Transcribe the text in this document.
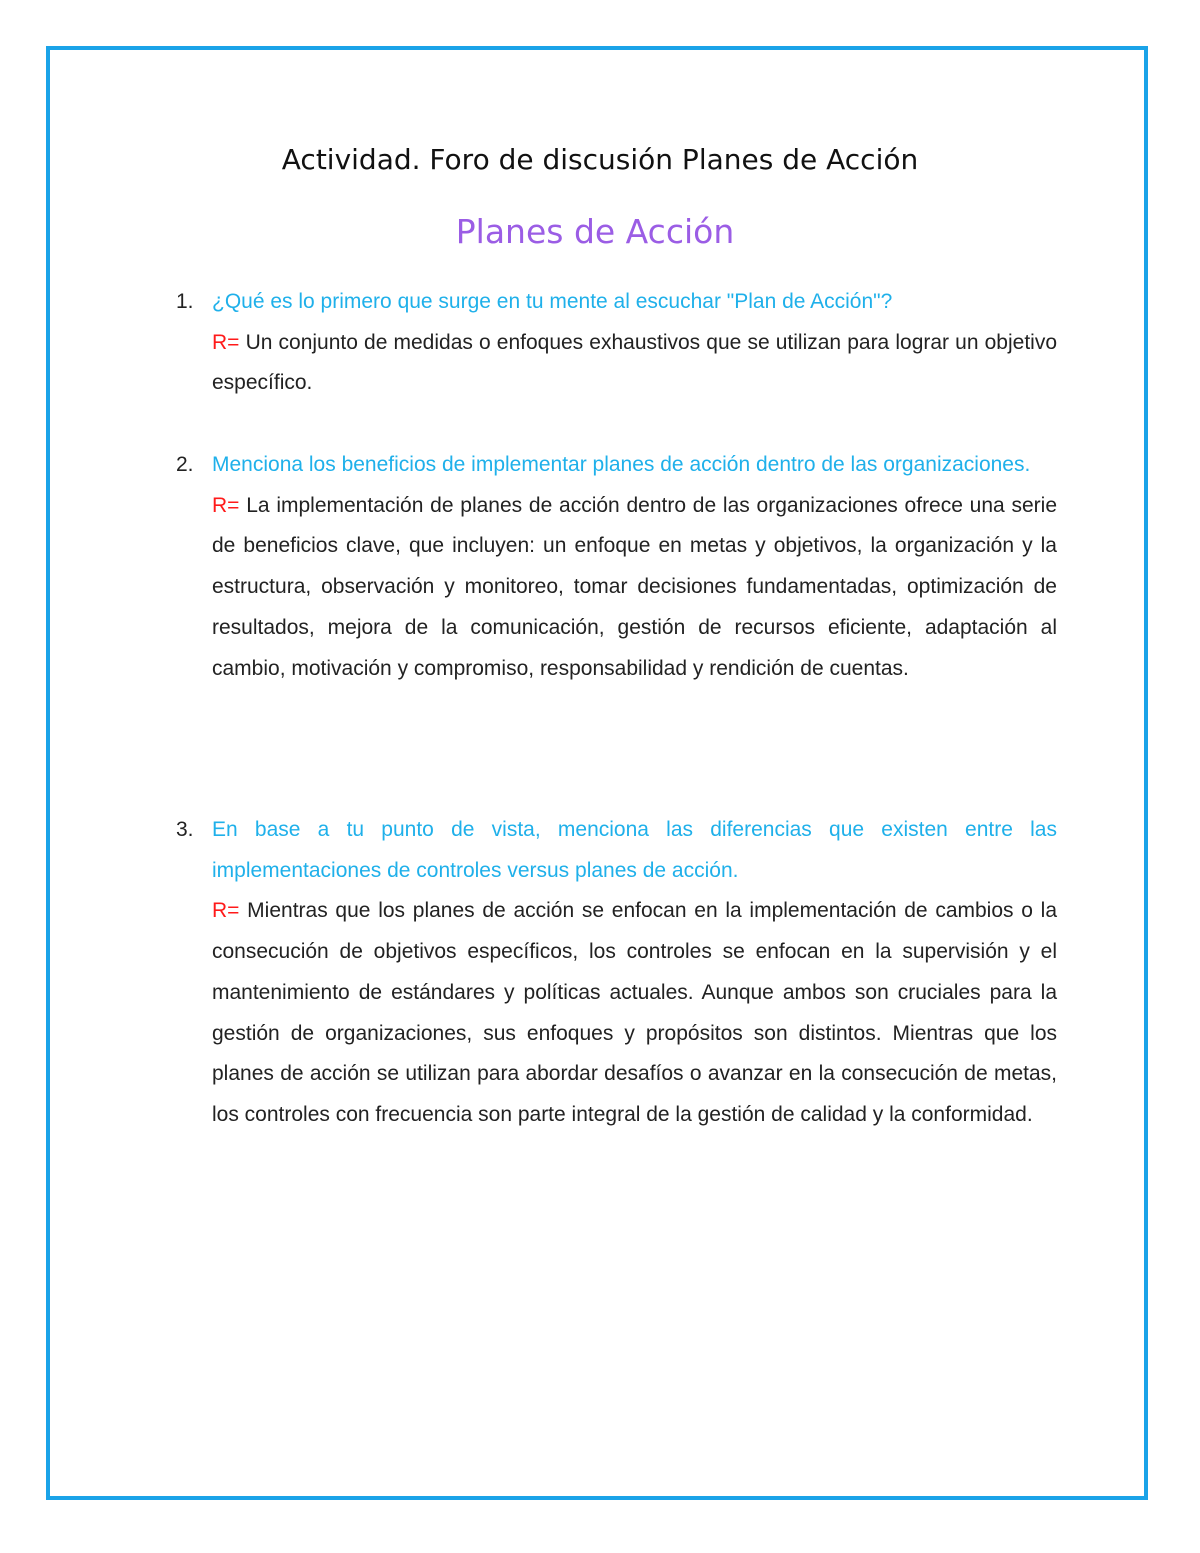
Actividad. Foro de discusión Planes de Acción
Planes de Acción
1. ¿Qué es lo primero que surge en tu mente al escuchar "Plan de Acción"?

R= Un conjunto de medidas o enfoques exhaustivos que se utilizan para lograr un objetivo específico.

2. Menciona los beneficios de implementar planes de acción dentro de las organizaciones.

R= La implementación de planes de acción dentro de las organizaciones ofrece una serie de beneficios clave, que incluyen: un enfoque en metas y objetivos, la organización y la estructura, observación y monitoreo, tomar decisiones fundamentadas, optimización de resultados, mejora de la comunicación, gestión de recursos eficiente, adaptación al cambio, motivación y compromiso, responsabilidad y rendición de cuentas.

3. En base a tu punto de vista, menciona las diferencias que existen entre las implementaciones de controles versus planes de acción.

R= Mientras que los planes de acción se enfocan en la implementación de cambios o la consecución de objetivos específicos, los controles se enfocan en la supervisión y el mantenimiento de estándares y políticas actuales. Aunque ambos son cruciales para la gestión de organizaciones, sus enfoques y propósitos son distintos. Mientras que los planes de acción se utilizan para abordar desafíos o avanzar en la consecución de metas, los controles con frecuencia son parte integral de la gestión de calidad y la conformidad.
